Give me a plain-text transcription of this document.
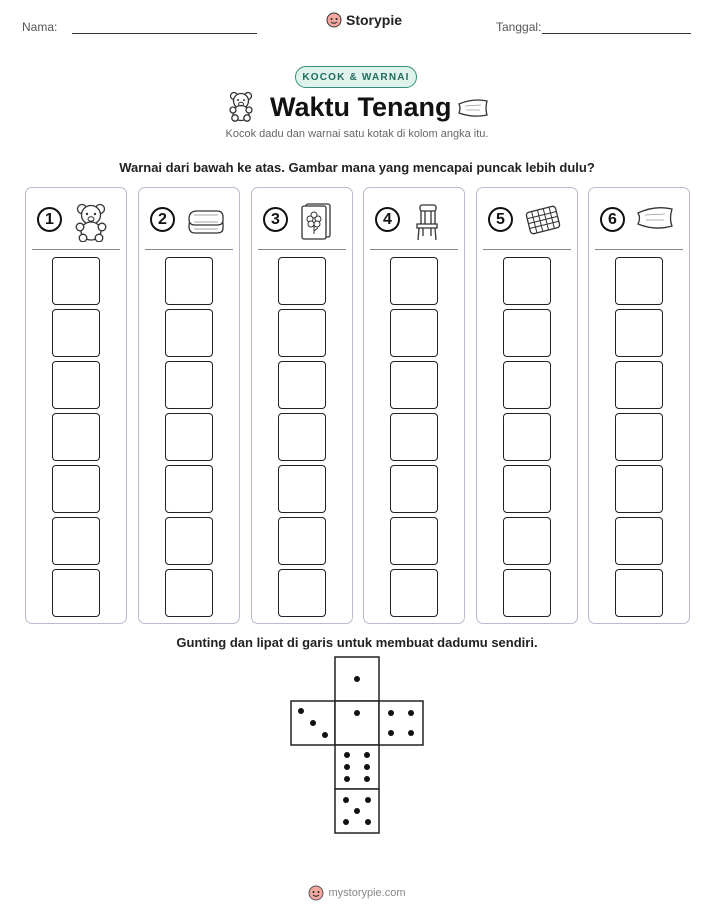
Nama:	Storypie	Tanggal:
KOCOK & WARNAI
Waktu Tenang
Kocok dadu dan warnai satu kotak di kolom angka itu.
Warnai dari bawah ke atas. Gambar mana yang mencapai puncak lebih dulu?
1	2	3	4	5	6
Gunting dan lipat di garis untuk membuat dadumu sendiri.
mystorypie.com
